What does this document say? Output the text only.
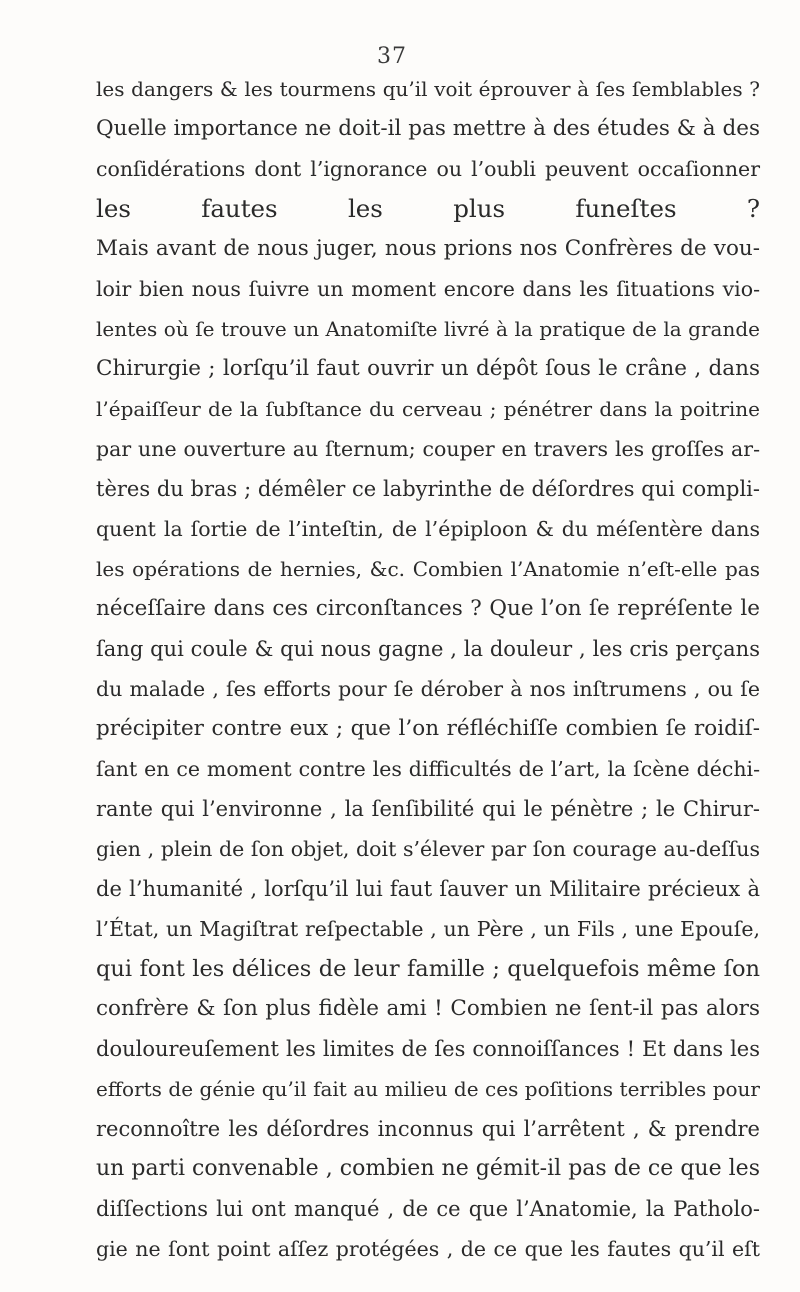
37
les dangers & les tourmens qu’il voit éprouver à ſes ſemblables ?
Quelle importance ne doit-il pas mettre à des études & à des
conſidérations dont l’ignorance ou l’oubli peuvent occaſionner
les fautes les plus funeſtes ?
Mais avant de nous juger, nous prions nos Confrères de vou-
loir bien nous ſuivre un moment encore dans les ſituations vio-
lentes où ſe trouve un Anatomiſte livré à la pratique de la grande
Chirurgie ; lorſqu’il faut ouvrir un dépôt ſous le crâne , dans
l’épaiſſeur de la ſubſtance du cerveau ; pénétrer dans la poitrine
par une ouverture au ſternum; couper en travers les groſſes ar-
tères du bras ; démêler ce labyrinthe de déſordres qui compli-
quent la ſortie de l’inteſtin, de l’épiploon & du méſentère dans
les opérations de hernies, &c. Combien l’Anatomie n’eſt-elle pas
néceſſaire dans ces circonſtances ? Que l’on ſe repréſente le
ſang qui coule & qui nous gagne , la douleur , les cris perçans
du malade , ſes efforts pour ſe dérober à nos inſtrumens , ou ſe
précipiter contre eux ; que l’on réfléchiſſe combien ſe roidiſ-
ſant en ce moment contre les difficultés de l’art, la ſcène déchi-
rante qui l’environne , la ſenſibilité qui le pénètre ; le Chirur-
gien , plein de ſon objet, doit s’élever par ſon courage au-deſſus
de l’humanité , lorſqu’il lui faut ſauver un Militaire précieux à
l’État, un Magiſtrat reſpectable , un Père , un Fils , une Epouſe,
qui font les délices de leur famille ; quelquefois même ſon
confrère & ſon plus fidèle ami ! Combien ne ſent-il pas alors
douloureuſement les limites de ſes connoiſſances ! Et dans les
efforts de génie qu’il fait au milieu de ces poſitions terribles pour
reconnoître les déſordres inconnus qui l’arrêtent , & prendre
un parti convenable , combien ne gémit-il pas de ce que les
diſſections lui ont manqué , de ce que l’Anatomie, la Patholo-
gie ne ſont point aſſez protégées , de ce que les fautes qu’il eſt
